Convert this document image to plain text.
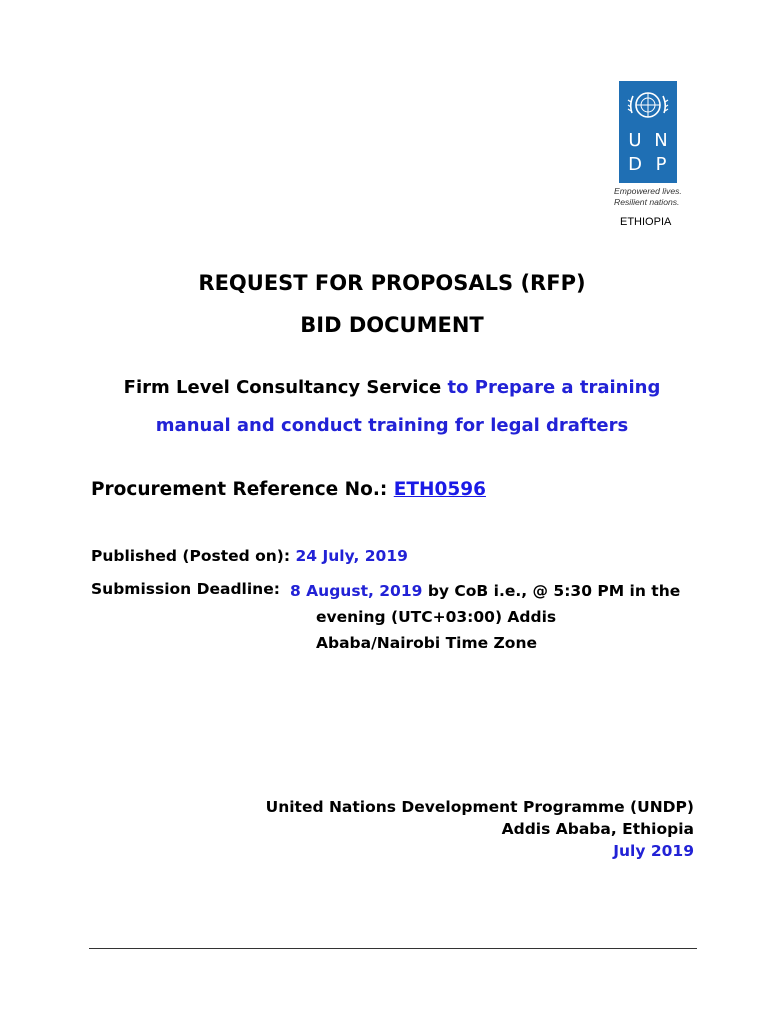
U N
D P
Empowered lives.
Resilient nations.
ETHIOPIA
REQUEST FOR PROPOSALS (RFP)
BID DOCUMENT
Firm Level Consultancy Service to Prepare a training
manual and conduct training for legal drafters
Procurement Reference No.: ETH0596
Published (Posted on): 24 July, 2019
Submission Deadline: 8 August, 2019 by CoB i.e., @ 5:30 PM in the
evening (UTC+03:00) Addis
Ababa/Nairobi Time Zone
United Nations Development Programme (UNDP)
Addis Ababa, Ethiopia
July 2019
